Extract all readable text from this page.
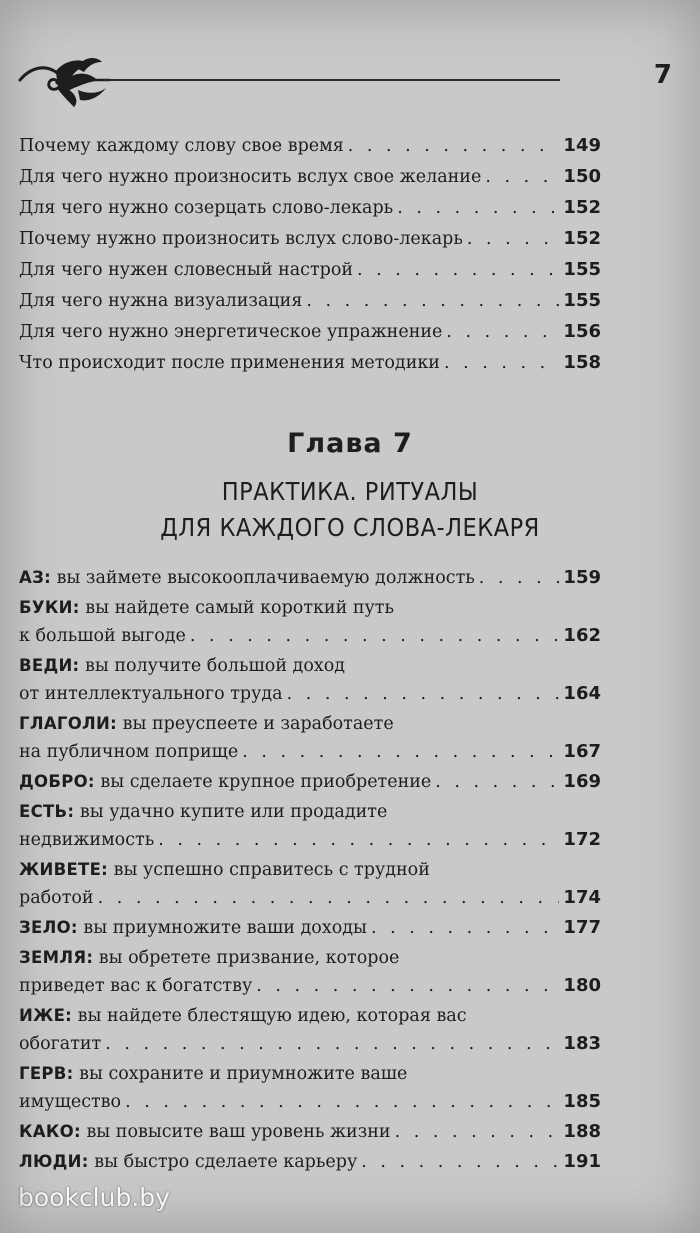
7
Почему каждому слову свое время . . .	149
Для чего нужно произносить вслух свое желание . . .	150
Для чего нужно созерцать слово-лекарь . . .	152
Почему нужно произносить вслух слово-лекарь . . .	152
Для чего нужен словесный настрой . . .	155
Для чего нужна визуализация . . .	155
Для чего нужно энергетическое упражнение . . .	156
Что происходит после применения методики . . .	158
Глава 7
ПРАКТИКА. РИТУАЛЫ
ДЛЯ КАЖДОГО СЛОВА-ЛЕКАРЯ
АЗ: вы займете высокооплачиваемую должность . . .	159
БУКИ: вы найдете самый короткий путь
к большой выгоде . . .	162
ВЕДИ: вы получите большой доход
от интеллектуального труда . . .	164
ГЛАГОЛИ: вы преуспеете и заработаете
на публичном поприще . . .	167
ДОБРО: вы сделаете крупное приобретение . . .	169
ЕСТЬ: вы удачно купите или продадите
недвижимость . . .	172
ЖИВЕТЕ: вы успешно справитесь с трудной
работой . . .	174
ЗЕЛО: вы приумножите ваши доходы . . .	177
ЗЕМЛЯ: вы обретете призвание, которое
приведет вас к богатству . . .	180
ИЖЕ: вы найдете блестящую идею, которая вас
обогатит . . .	183
ГЕРВ: вы сохраните и приумножите ваше
имущество . . .	185
КАКО: вы повысите ваш уровень жизни . . .	188
ЛЮДИ: вы быстро сделаете карьеру . . .	191
bookclub.by
